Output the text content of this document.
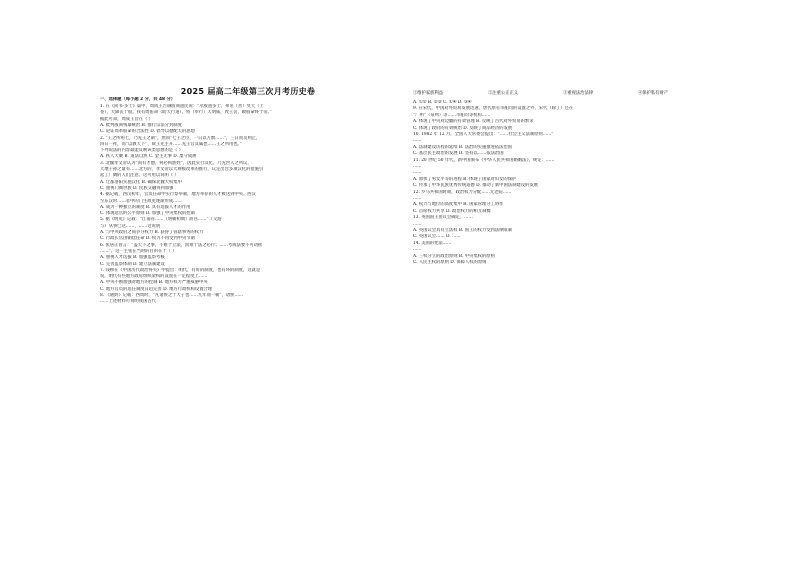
2025 届高二年级第三次月考历史卷
一、选择题（每小题 2 分，共 48 分）
1. 在《尚书·多士》篇中，周成王告诫殷商遗民说：“尔殷遗多士，弗吊（善）旻天（上
苍），大降丧于殷。我有周佑命（助天行道），将（奉行）天明威，致王罚，敕殷命终于帝。”
据此可知，周成王旨在（ ）
A. 批判殷商残暴统治 B. 推行宗法分封制度
C. 论证周革殷命的合法性 D. 倡导以德配天的思想
2. “王之所用七，乃先王之制”，然而“七王之臣，一日以万数……”，三日而贯则止，
四日一祥，而“以教天下”，故王先主开……先王官其属也……王之所用也。”
下列说法的内容最能反映该类思想的是（ ）
A. 秩人天聚 B. 道法自然 C. 金主无事 D. 墨守成规
3. 北魏孝文帝认为“尚有才德，何必拘族姓”，因此实行汉化，乃先世人之所议，
天地子孙之量有……北方的，孝文帝以大规模改革的推行，议定出台多项汉化的措施引
起了广阔的人们注意，这可用以说明（ ）
A. 迁都洛阳实施汉化 B. 确保北魏大权集中
C. 重视门阀世族 D. 民族交融得到加强
4. 据记载，西汉初年，官员任命中实行察举制，地方举荐的人才被送到中央。西汉
至东汉时……者中的门生故吏逐渐形成……
A. 成为一种独立的制度 B. 具有选拔人才的作用
C. 体现选官的公平原则 D. 加强了中央集权的控制
5. 据《明史》记载：“江南省……（明朝初期）而宫……”（交游
与）从事已达……，……这说明
A. 与中央政府之间争夺权力 B. 获得了管辖事务的权力
C. 行政长官由朝廷任命 D. 权力不再受到中央节制
6. 张居正曾言：“盖天下之事，不难于立法，而难于法之必行；……考成法要不可动摇
……”，这一主张在当时的目的在于（ ）
A. 重视人才选拔 B. 加强监察考核
C. 完善监察体制 D. 建立法制建设
7. 钱穆在《中国历代政治得失》中提出：明代，有好的制度，也有坏的制度，这就是
说，明代有些地方政府组织架构的设置在一定程度上……
A. 中央不断加强对地方的控制 B. 地方权力严重威胁中央
C. 地方官员的选任制度日趋完善 D. 地方行政机构设置合理
8. 《通典》记载：西周时，“凡诸侯之于天子也……九年而一朝”，诸侯……
……上述材料可说明我国古代
①维护家族利益	②注重公正正义	③重视法治法律	④保护私有财产
A. ①② B. ②③ C. ①④ D. ③④
9. 在宋代，中国对外贸易发展迅速，唐代原有市舶司的设置之外，宋代（除了）还在
“广州”（泉州）等……市舶司等机构……
A. 体现了中央对边疆的有效管理 B. 反映了古代对外贸易的繁荣
C. 体现了政府的有效统治 D. 反映了商品经济的发展
10. 1982 年 12 月，全国人大常委会提出：“……社会主义法制原则……”
……
A. 法制建设历程的延续 B. 法治的实施推进依法治国
C. 基层民主政治的发展 D. 坚持以……依法治国
11. 20 世纪 50 年代，新中国颁布《中华人民共和国婚姻法》，规定：……
……
……
A. 加快了男女平等的进程 B. 体现了国家对妇女的保护
C. 传承了中华民族优秀传统道德 D. 推动了新中国法制建设的发展
12. 罗马共和国时期，政治权力分配……元老院……
……
A. 权力与地位的高度集中 B. 国家管理分工协作
C. 首席权力共享 D. 政治权力的相互制衡
13. 英国国王由议会确定、……
……
A. 英国议会具有立法权 B. 国王的权力受到法律限制
C. 英国议会…… D. ……
14. 美国的宪法……
……
A. 三权分立的政治原则 B. 中央集权的原则
C. 人民主权的原则 D. 保障人权的原则
